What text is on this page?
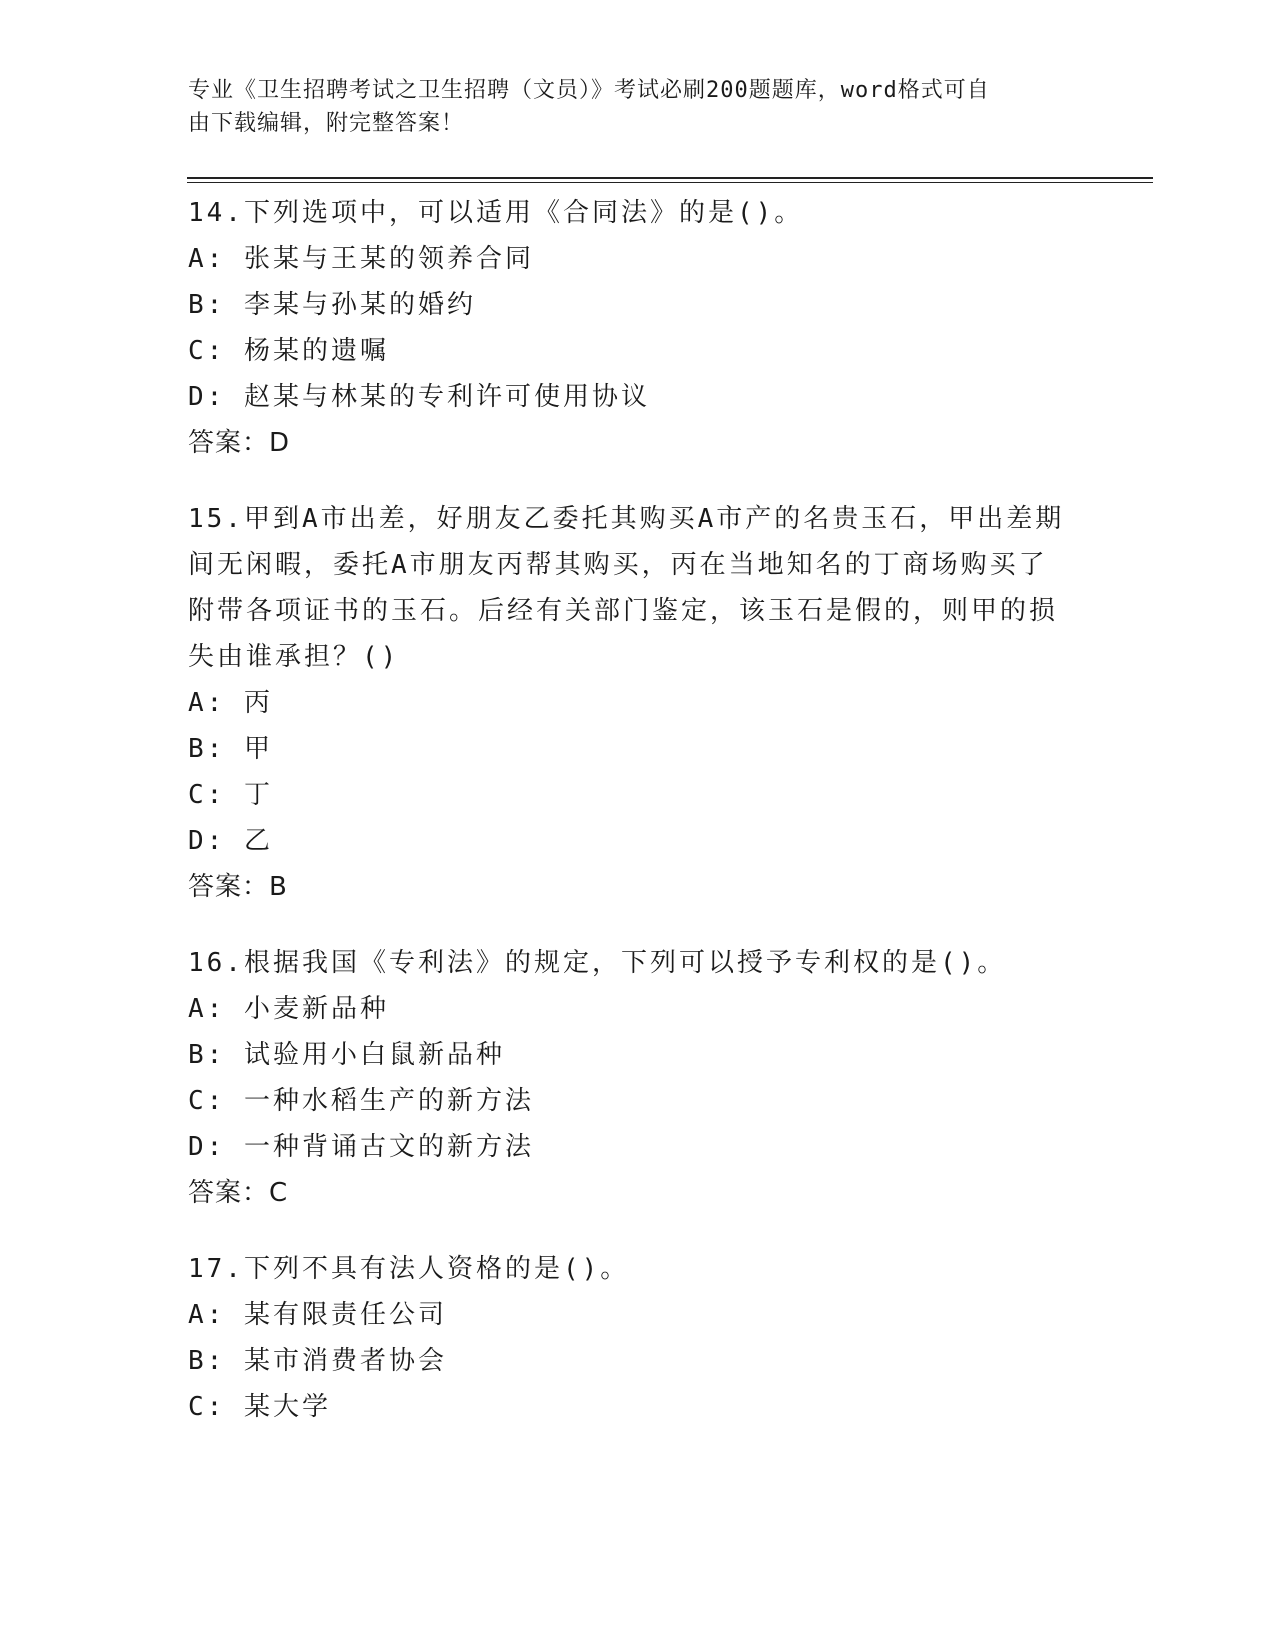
专业《卫生招聘考试之卫生招聘（文员）》考试必刷200题题库，word格式可自
由下载编辑，附完整答案！
14.下列选项中，可以适用《合同法》的是()。
A: 张某与王某的领养合同
B: 李某与孙某的婚约
C: 杨某的遗嘱
D: 赵某与林某的专利许可使用协议
答案：D
15.甲到A市出差，好朋友乙委托其购买A市产的名贵玉石，甲出差期
间无闲暇，委托A市朋友丙帮其购买，丙在当地知名的丁商场购买了
附带各项证书的玉石。后经有关部门鉴定，该玉石是假的，则甲的损
失由谁承担？()
A: 丙
B: 甲
C: 丁
D: 乙
答案：B
16.根据我国《专利法》的规定，下列可以授予专利权的是()。
A: 小麦新品种
B: 试验用小白鼠新品种
C: 一种水稻生产的新方法
D: 一种背诵古文的新方法
答案：C
17.下列不具有法人资格的是()。
A: 某有限责任公司
B: 某市消费者协会
C: 某大学
